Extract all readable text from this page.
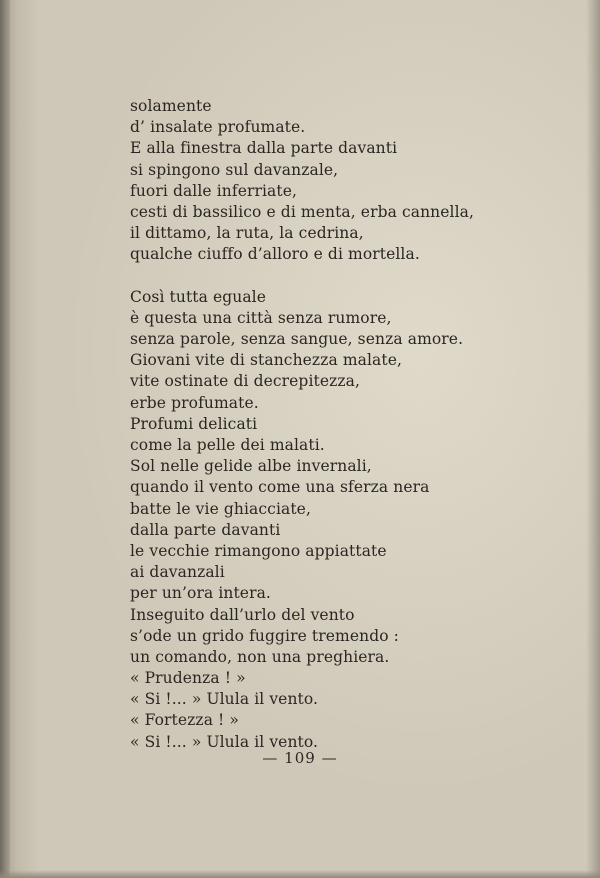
solamente
d’ insalate profumate.
E alla finestra dalla parte davanti
si spingono sul davanzale,
fuori dalle inferriate,
cesti di bassilico e di menta, erba cannella,
il dittamo, la ruta, la cedrina,
qualche ciuffo d’alloro e di mortella.
Così tutta eguale
è questa una città senza rumore,
senza parole, senza sangue, senza amore.
Giovani vite di stanchezza malate,
vite ostinate di decrepitezza,
erbe profumate.
Profumi delicati
come la pelle dei malati.
Sol nelle gelide albe invernali,
quando il vento come una sferza nera
batte le vie ghiacciate,
dalla parte davanti
le vecchie rimangono appiattate
ai davanzali
per un’ora intera.
Inseguito dall’urlo del vento
s’ode un grido fuggire tremendo :
un comando, non una preghiera.
« Prudenza ! »
« Si !... » Ulula il vento.
« Fortezza ! »
« Si !... » Ulula il vento.
— 109 —
